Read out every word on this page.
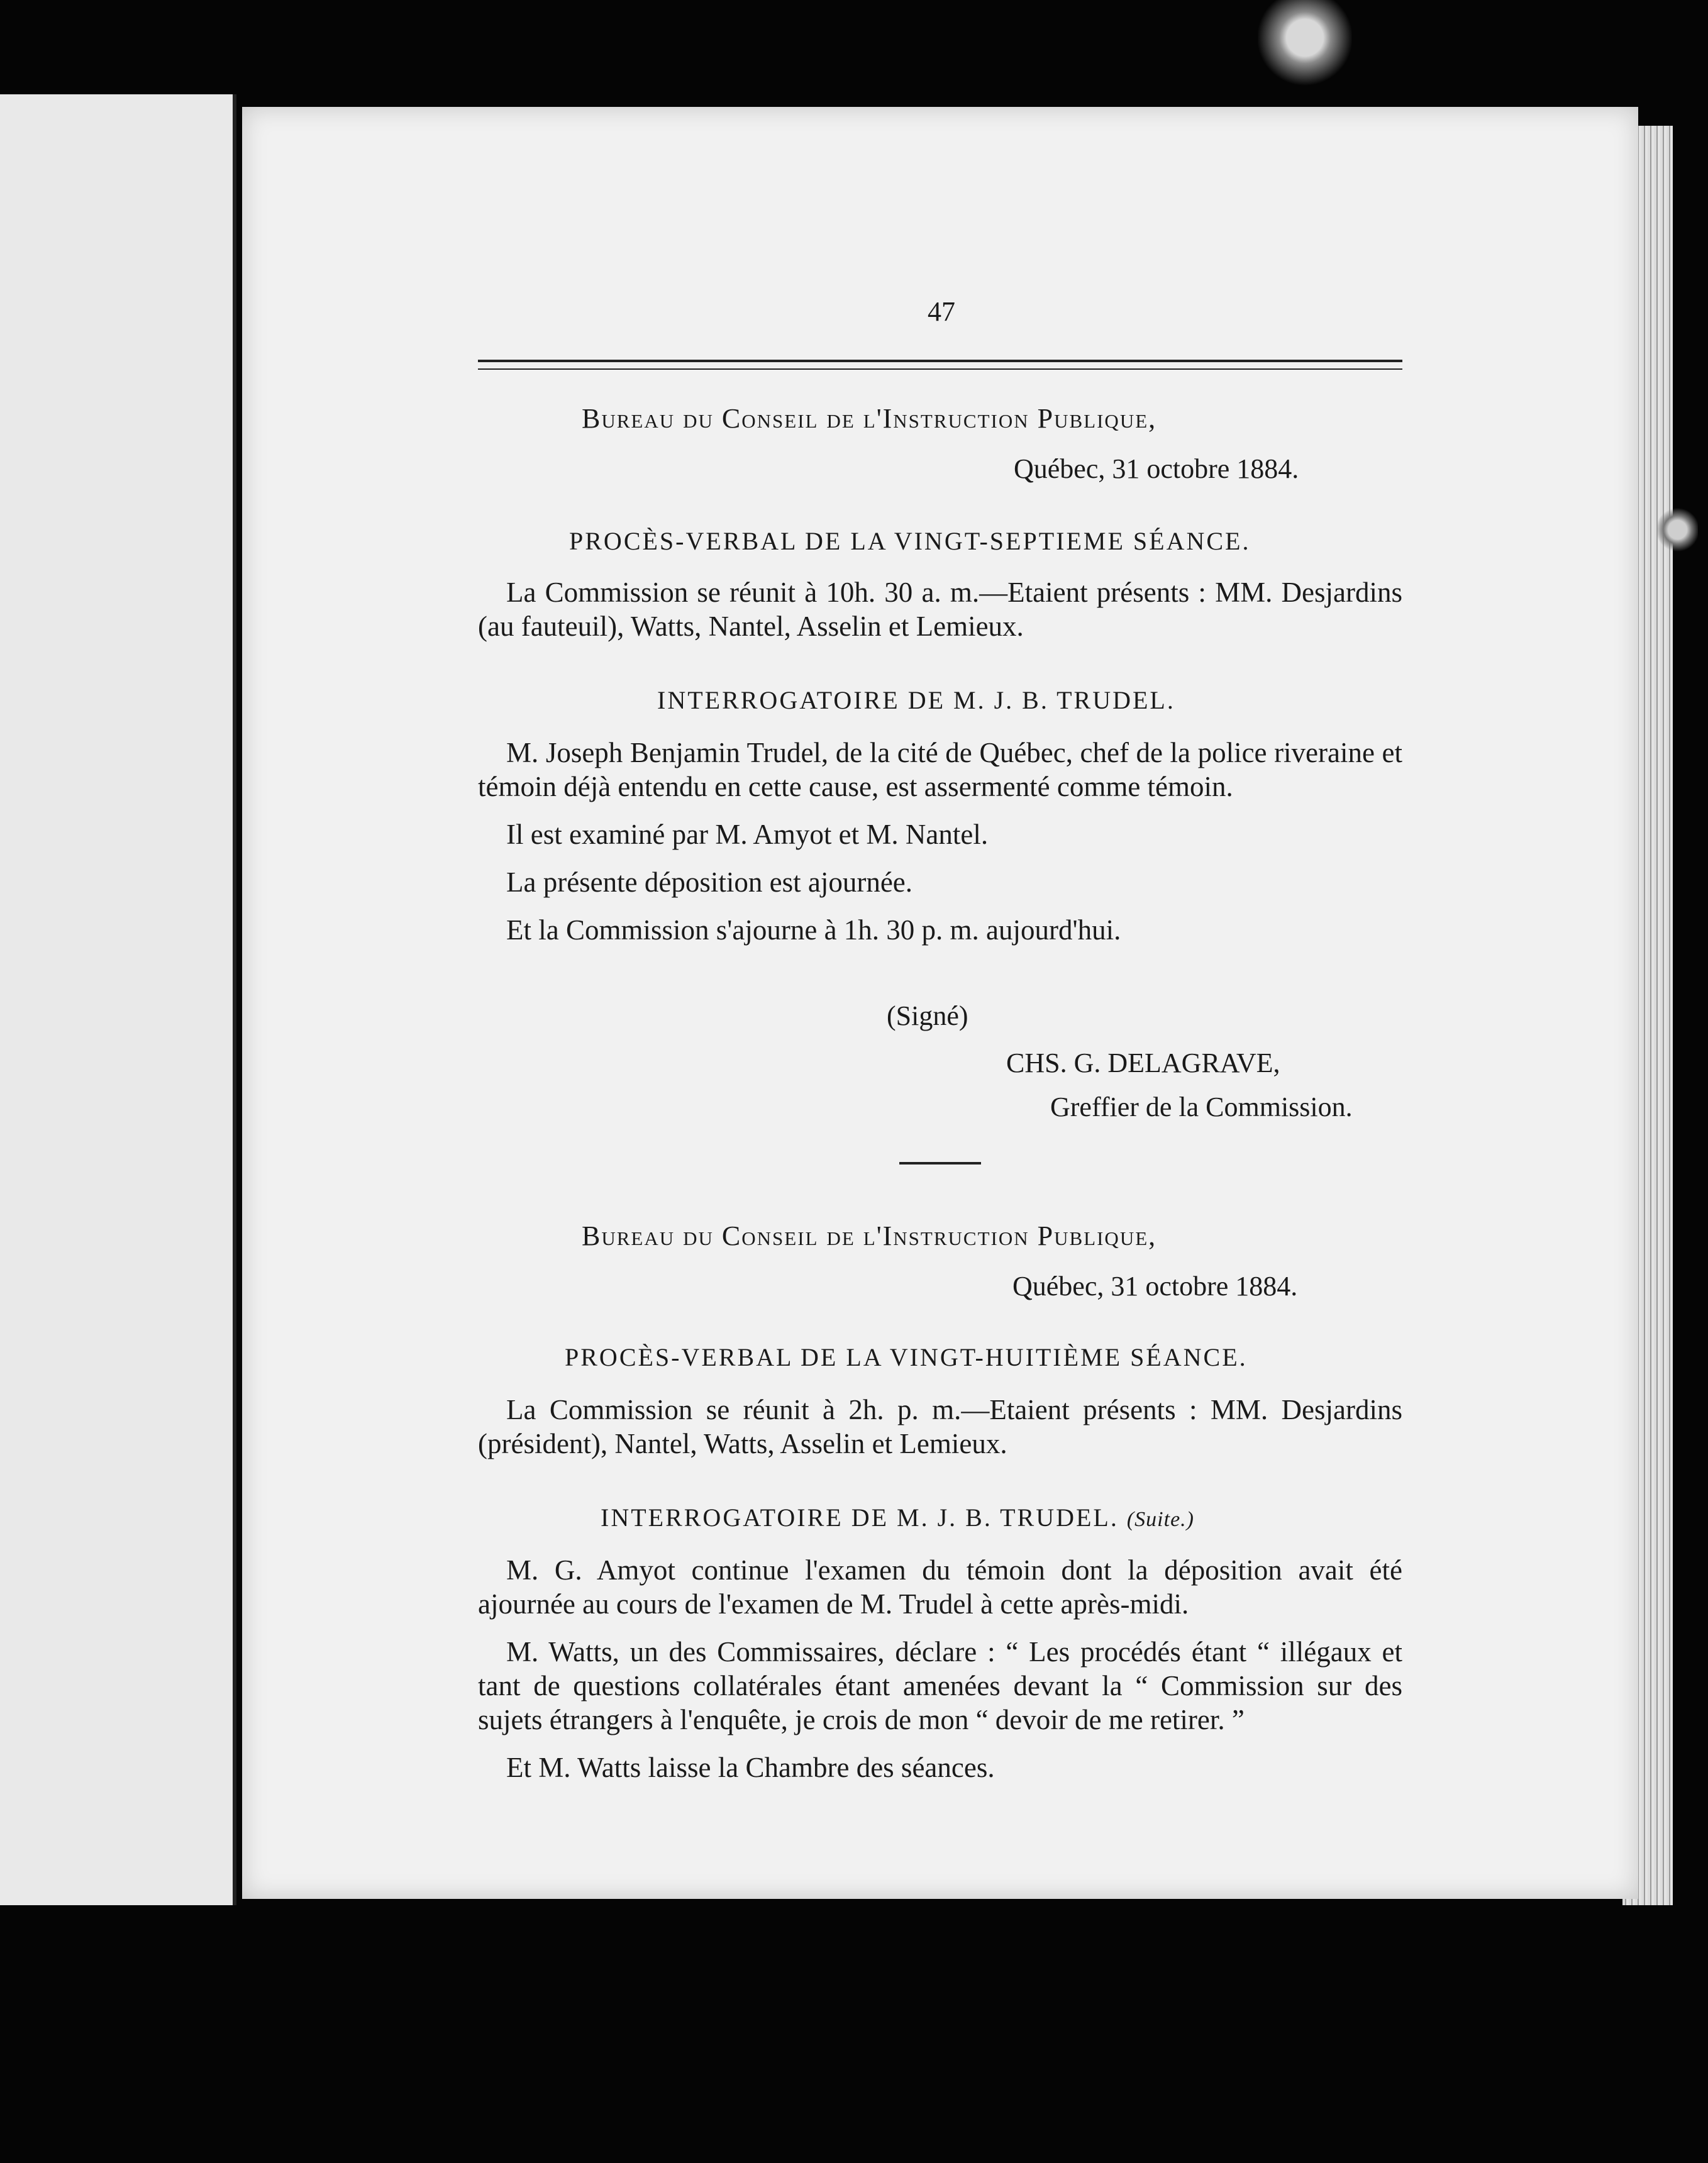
47
Bureau du Conseil de l'Instruction Publique,
Québec, 31 octobre 1884.
PROCÈS-VERBAL DE LA VINGT-SEPTIEME SÉANCE.

La Commission se réunit à 10h. 30 a. m.—Etaient présents : MM. Desjardins (au fauteuil), Watts, Nantel, Asselin et Lemieux.

INTERROGATOIRE DE M. J. B. TRUDEL.

M. Joseph Benjamin Trudel, de la cité de Québec, chef de la police riveraine et témoin déjà entendu en cette cause, est assermenté comme témoin.

Il est examiné par M. Amyot et M. Nantel.

La présente déposition est ajournée.

Et la Commission s'ajourne à 1h. 30 p. m. aujourd'hui.

(Signé)
CHS. G. DELAGRAVE,
Greffier de la Commission.
Bureau du Conseil de l'Instruction Publique,
Québec, 31 octobre 1884.
PROCÈS-VERBAL DE LA VINGT-HUITIÈME SÉANCE.

La Commission se réunit à 2h. p. m.—Etaient présents : MM. Desjardins (président), Nantel, Watts, Asselin et Lemieux.

INTERROGATOIRE DE M. J. B. TRUDEL. (Suite.)

M. G. Amyot continue l'examen du témoin dont la déposition avait été ajournée au cours de l'examen de M. Trudel à cette après-midi.

M. Watts, un des Commissaires, déclare : “ Les procédés étant “ illégaux et tant de questions collatérales étant amenées devant la “ Commission sur des sujets étrangers à l'enquête, je crois de mon “ devoir de me retirer. ”

Et M. Watts laisse la Chambre des séances.
